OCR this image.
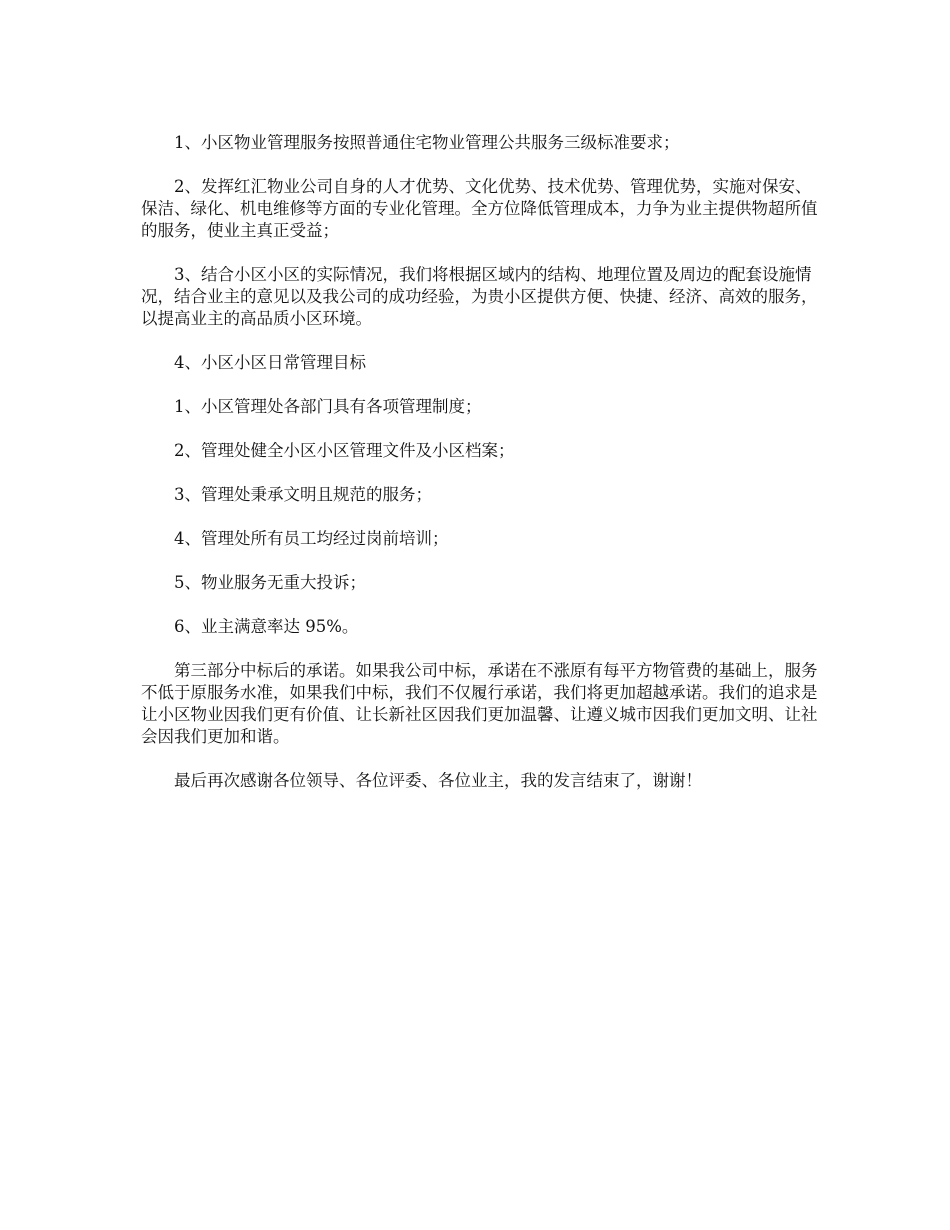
1、小区物业管理服务按照普通住宅物业管理公共服务三级标准要求；

2、发挥红汇物业公司自身的人才优势、文化优势、技术优势、管理优势，实施对保安、保洁、绿化、机电维修等方面的专业化管理。全方位降低管理成本，力争为业主提供物超所值的服务，使业主真正受益；

3、结合小区小区的实际情况，我们将根据区域内的结构、地理位置及周边的配套设施情况，结合业主的意见以及我公司的成功经验，为贵小区提供方便、快捷、经济、高效的服务，以提高业主的高品质小区环境。

4、小区小区日常管理目标

1、小区管理处各部门具有各项管理制度；

2、管理处健全小区小区管理文件及小区档案；

3、管理处秉承文明且规范的服务；

4、管理处所有员工均经过岗前培训；

5、物业服务无重大投诉；

6、业主满意率达 95%。

第三部分中标后的承诺。如果我公司中标，承诺在不涨原有每平方物管费的基础上，服务不低于原服务水准，如果我们中标，我们不仅履行承诺，我们将更加超越承诺。我们的追求是让小区物业因我们更有价值、让长新社区因我们更加温馨、让遵义城市因我们更加文明、让社会因我们更加和谐。

最后再次感谢各位领导、各位评委、各位业主，我的发言结束了，谢谢！
